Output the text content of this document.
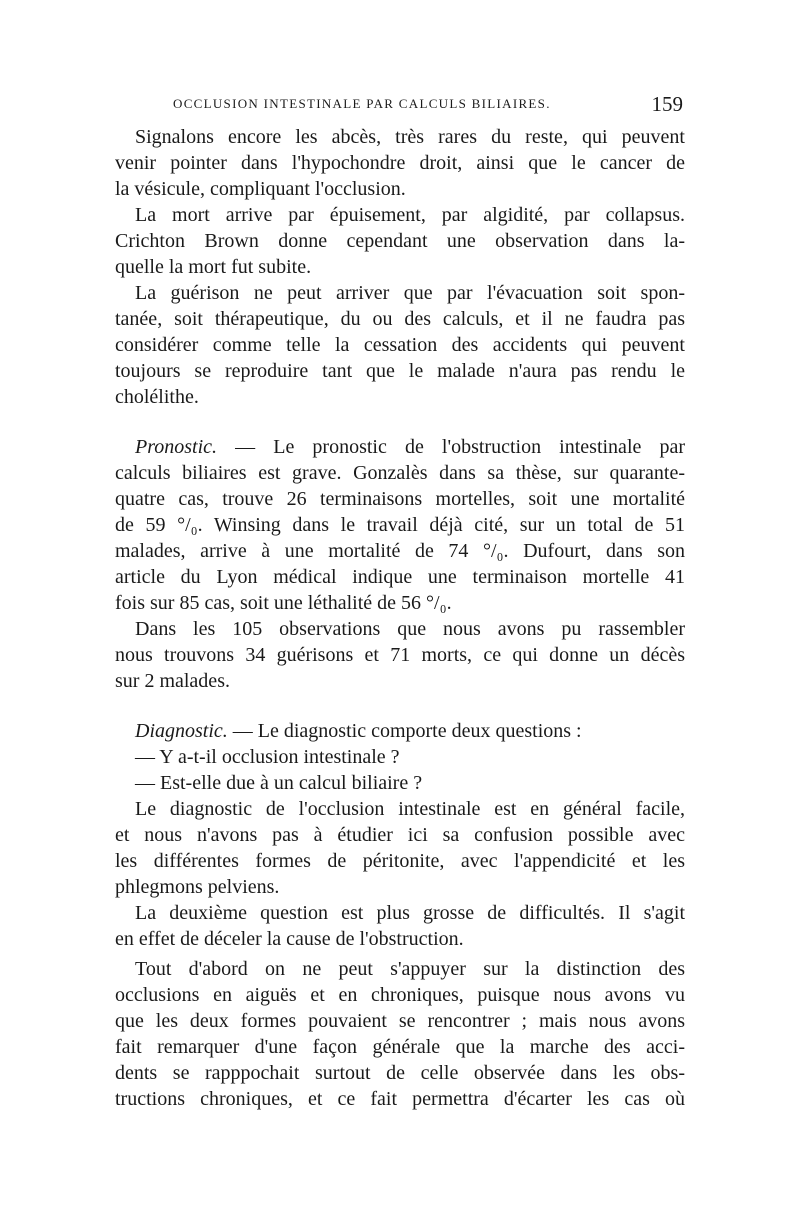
OCCLUSION INTESTINALE PAR CALCULS BILIAIRES.	159
Signalons encore les abcès, très rares du reste, qui peuvent
venir pointer dans l'hypochondre droit, ainsi que le cancer de
la vésicule, compliquant l'occlusion.
La mort arrive par épuisement, par algidité, par collapsus.
Crichton Brown donne cependant une observation dans la-
quelle la mort fut subite.
La guérison ne peut arriver que par l'évacuation soit spon-
tanée, soit thérapeutique, du ou des calculs, et il ne faudra pas
considérer comme telle la cessation des accidents qui peuvent
toujours se reproduire tant que le malade n'aura pas rendu le
cholélithe.
Pronostic. — Le pronostic de l'obstruction intestinale par
calculs biliaires est grave. Gonzalès dans sa thèse, sur quarante-
quatre cas, trouve 26 terminaisons mortelles, soit une mortalité
de 59 °/₀. Winsing dans le travail déjà cité, sur un total de 51
malades, arrive à une mortalité de 74 °/₀. Dufourt, dans son
article du Lyon médical indique une terminaison mortelle 41
fois sur 85 cas, soit une léthalité de 56 °/₀.
Dans les 105 observations que nous avons pu rassembler
nous trouvons 34 guérisons et 71 morts, ce qui donne un décès
sur 2 malades.
Diagnostic. — Le diagnostic comporte deux questions :
— Y a-t-il occlusion intestinale ?
— Est-elle due à un calcul biliaire ?
Le diagnostic de l'occlusion intestinale est en général facile,
et nous n'avons pas à étudier ici sa confusion possible avec
les différentes formes de péritonite, avec l'appendicité et les
phlegmons pelviens.
La deuxième question est plus grosse de difficultés. Il s'agit
en effet de déceler la cause de l'obstruction.
Tout d'abord on ne peut s'appuyer sur la distinction des
occlusions en aiguës et en chroniques, puisque nous avons vu
que les deux formes pouvaient se rencontrer ; mais nous avons
fait remarquer d'une façon générale que la marche des acci-
dents se rapppochait surtout de celle observée dans les obs-
tructions chroniques, et ce fait permettra d'écarter les cas où
